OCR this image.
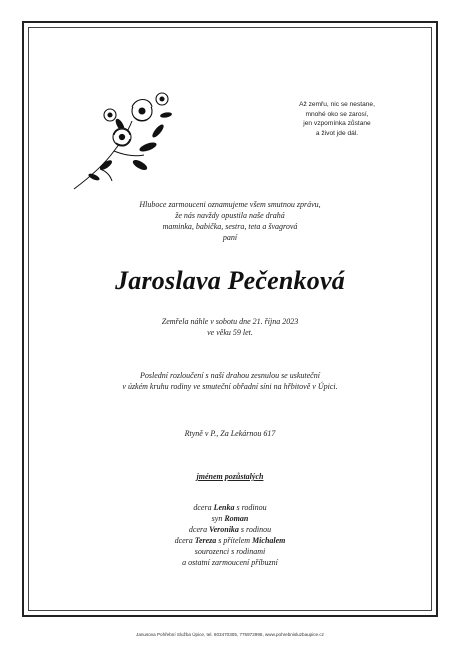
Až zemřu, nic se nestane,
mnohé oko se zarosí,
jen vzpomínka zůstane
a život jde dál.
Hluboce zarmouceni oznamujeme všem smutnou zprávu,
že nás navždy opustila naše drahá
maminka, babička, sestra, teta a švagrová
paní
Jaroslava Pečenková
Zemřela náhle v sobotu dne 21. října 2023
ve věku 59 let.
Poslední rozloučení s naší drahou zesnulou se uskuteční
v úzkém kruhu rodiny ve smuteční obřadní síni na hřbitově v Úpici.
Rtyně v P., Za Lekárnou 617
jménem pozůstalých
dcera Lenka s rodinou
syn Roman
dcera Veronika s rodinou
dcera Tereza s přítelem Michalem
sourozenci s rodinami
a ostatní zarmoucení příbuzní
Janusova Pohřební Služba Úpice, tel. 603470305, 775972995, www.pohrebnisluzbaupice.cz
